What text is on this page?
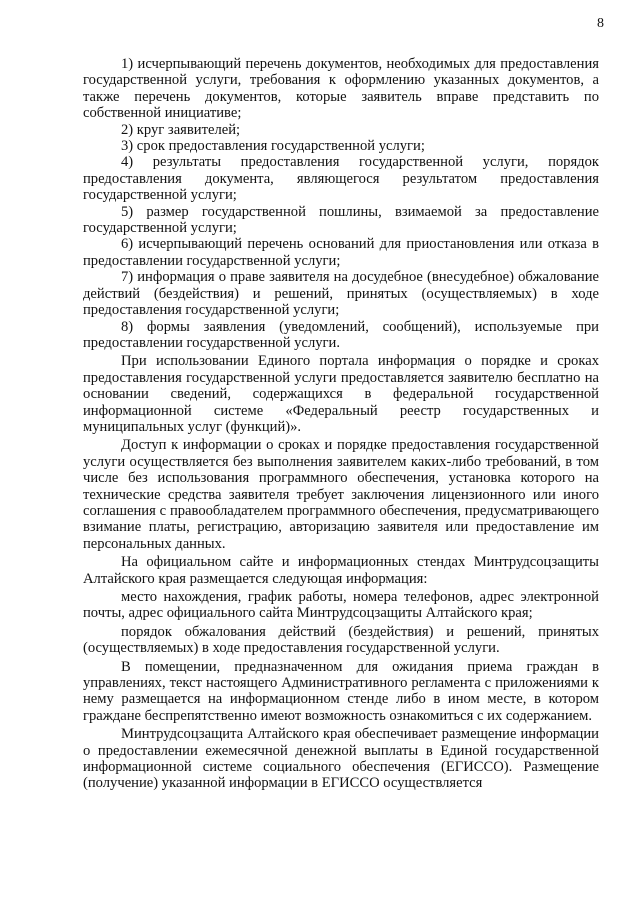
8

1) исчерпывающий перечень документов, необходимых для предоставления государственной услуги, требования к оформлению указанных документов, а также перечень документов, которые заявитель вправе представить по собственной инициативе;

2) круг заявителей;

3) срок предоставления государственной услуги;

4) результаты предоставления государственной услуги, порядок предоставления документа, являющегося результатом предоставления государственной услуги;

5) размер государственной пошлины, взимаемой за предоставление государственной услуги;

6) исчерпывающий перечень оснований для приостановления или отказа в предоставлении государственной услуги;

7) информация о праве заявителя на досудебное (внесудебное) обжалование действий (бездействия) и решений, принятых (осуществляемых) в ходе предоставления государственной услуги;

8) формы заявления (уведомлений, сообщений), используемые при предоставлении государственной услуги.

При использовании Единого портала информация о порядке и сроках предоставления государственной услуги предоставляется заявителю бесплатно на основании сведений, содержащихся в федеральной государственной информационной системе «Федеральный реестр государственных и муниципальных услуг (функций)».

Доступ к информации о сроках и порядке предоставления государственной услуги осуществляется без выполнения заявителем каких-либо требований, в том числе без использования программного обеспечения, установка которого на технические средства заявителя требует заключения лицензионного или иного соглашения с правообладателем программного обеспечения, предусматривающего взимание платы, регистрацию, авторизацию заявителя или предоставление им персональных данных.

На официальном сайте и информационных стендах Минтрудсоцзащиты Алтайского края размещается следующая информация:

место нахождения, график работы, номера телефонов, адрес электронной почты, адрес официального сайта Минтрудсоцзащиты Алтайского края;

порядок обжалования действий (бездействия) и решений, принятых (осуществляемых) в ходе предоставления государственной услуги.

В помещении, предназначенном для ожидания приема граждан в управлениях, текст настоящего Административного регламента с приложениями к нему размещается на информационном стенде либо в ином месте, в котором граждане беспрепятственно имеют возможность ознакомиться с их содержанием.

Минтрудсоцзащита Алтайского края обеспечивает размещение информации о предоставлении ежемесячной денежной выплаты в Единой государственной информационной системе социального обеспечения (ЕГИССО). Размещение (получение) указанной информации в ЕГИССО осуществляется
